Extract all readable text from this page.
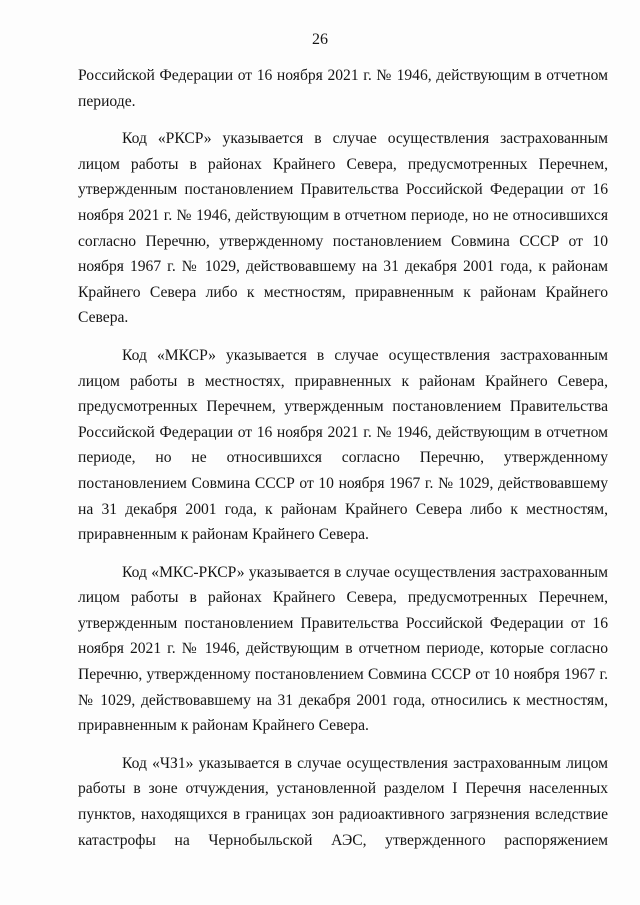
26

Российской Федерации от 16 ноября 2021 г. № 1946, действующим в отчетном периоде.

Код «РКСР» указывается в случае осуществления застрахованным лицом работы в районах Крайнего Севера, предусмотренных Перечнем, утвержденным постановлением Правительства Российской Федерации от 16 ноября 2021 г. № 1946, действующим в отчетном периоде, но не относившихся согласно Перечню, утвержденному постановлением Совмина СССР от 10 ноября 1967 г. № 1029, действовавшему на 31 декабря 2001 года, к районам Крайнего Севера либо к местностям, приравненным к районам Крайнего Севера.

Код «МКСР» указывается в случае осуществления застрахованным лицом работы в местностях, приравненных к районам Крайнего Севера, предусмотренных Перечнем, утвержденным постановлением Правительства Российской Федерации от 16 ноября 2021 г. № 1946, действующим в отчетном периоде, но не относившихся согласно Перечню, утвержденному постановлением Совмина СССР от 10 ноября 1967 г. № 1029, действовавшему на 31 декабря 2001 года, к районам Крайнего Севера либо к местностям, приравненным к районам Крайнего Севера.

Код «МКС-РКСР» указывается в случае осуществления застрахованным лицом работы в районах Крайнего Севера, предусмотренных Перечнем, утвержденным постановлением Правительства Российской Федерации от 16 ноября 2021 г. № 1946, действующим в отчетном периоде, которые согласно Перечню, утвержденному постановлением Совмина СССР от 10 ноября 1967 г. № 1029, действовавшему на 31 декабря 2001 года, относились к местностям, приравненным к районам Крайнего Севера.

Код «ЧЗ1» указывается в случае осуществления застрахованным лицом работы в зоне отчуждения, установленной разделом I Перечня населенных пунктов, находящихся в границах зон радиоактивного загрязнения вследствие катастрофы на Чернобыльской АЭС, утвержденного распоряжением
